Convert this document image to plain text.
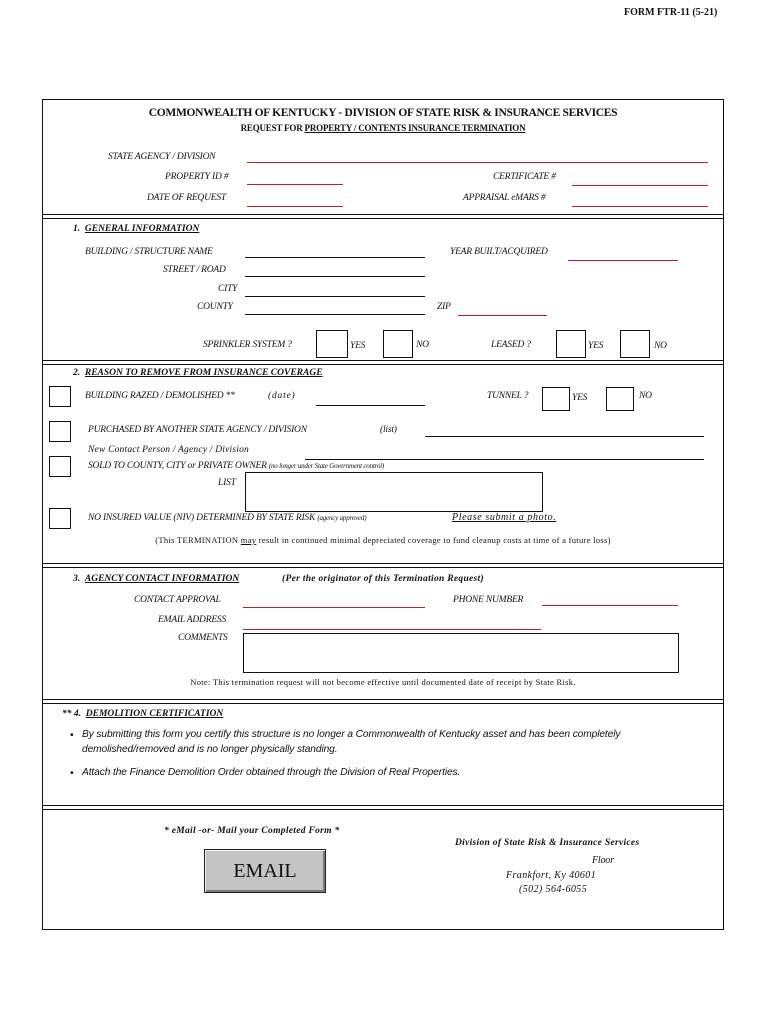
FORM FTR-11 (5-21)
COMMONWEALTH OF KENTUCKY - DIVISION OF STATE RISK & INSURANCE SERVICES
REQUEST FOR PROPERTY / CONTENTS INSURANCE TERMINATION
STATE AGENCY / DIVISION
PROPERTY ID #	CERTIFICATE #
DATE OF REQUEST	APPRAISAL eMARS #
1. GENERAL INFORMATION
BUILDING / STRUCTURE NAME	YEAR BUILT/ACQUIRED
STREET / ROAD
CITY
COUNTY	ZIP
SPRINKLER SYSTEM ?	YES	NO	LEASED ?	YES	NO
2. REASON TO REMOVE FROM INSURANCE COVERAGE
BUILDING RAZED / DEMOLISHED **	(date)	TUNNEL ?	YES	NO
PURCHASED BY ANOTHER STATE AGENCY / DIVISION	(list)
New Contact Person / Agency / Division
SOLD TO COUNTY, CITY or PRIVATE OWNER (no longer under State Government control)
LIST
NO INSURED VALUE (NIV) DETERMINED BY STATE RISK (agency approved)	Please submit a photo.
(This TERMINATION may result in continued minimal depreciated coverage to fund cleanup costs at time of a future loss)
3. AGENCY CONTACT INFORMATION	(Per the originator of this Termination Request)
CONTACT APPROVAL	PHONE NUMBER
EMAIL ADDRESS
COMMENTS
Note: This termination request will not become effective until documented date of receipt by State Risk.
** 4. DEMOLITION CERTIFICATION
• By submitting this form you certify this structure is no longer a Commonwealth of Kentucky asset and has been completely
demolished/removed and is no longer physically standing.
• Attach the Finance Demolition Order obtained through the Division of Real Properties.
* eMail -or- Mail your Completed Form *
EMAIL
Division of State Risk & Insurance Services
Floor
Frankfort, Ky 40601
(502) 564-6055
